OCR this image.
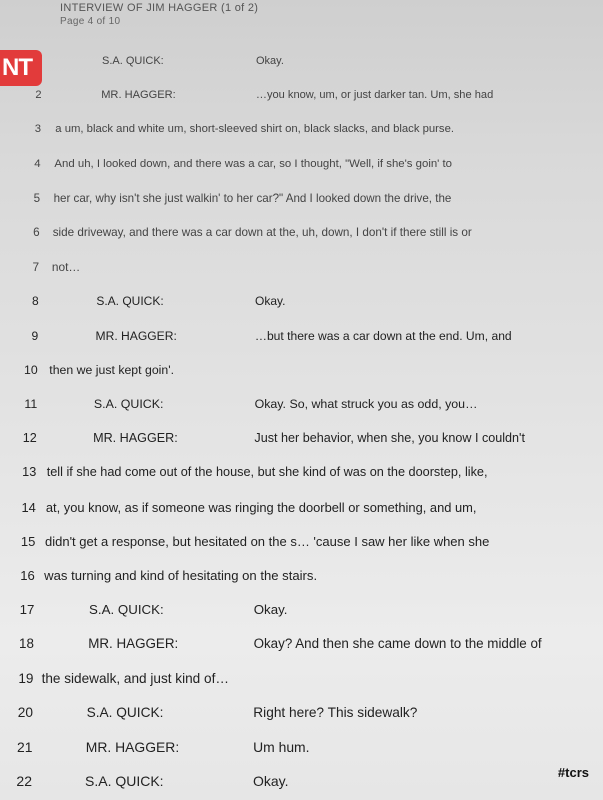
INTERVIEW OF JIM HAGGER (1 of 2)
Page 4 of 10
NT	S.A. QUICK:	Okay.
2	MR. HAGGER:	…you know, um, or just darker tan. Um, she had
3 a um, black and white um, short-sleeved shirt on, black slacks, and black purse.
4 And uh, I looked down, and there was a car, so I thought, "Well, if she's goin' to
5 her car, why isn't she just walkin' to her car?" And I looked down the drive, the
6 side driveway, and there was a car down at the, uh, down, I don't if there still is or
7 not…
8	S.A. QUICK:	Okay.
9	MR. HAGGER:	…but there was a car down at the end. Um, and
10 then we just kept goin'.
11	S.A. QUICK:	Okay. So, what struck you as odd, you…
12	MR. HAGGER:	Just her behavior, when she, you know I couldn't
13 tell if she had come out of the house, but she kind of was on the doorstep, like,
14 at, you know, as if someone was ringing the doorbell or something, and um,
15 didn't get a response, but hesitated on the s… 'cause I saw her like when she
16 was turning and kind of hesitating on the stairs.
17	S.A. QUICK:	Okay.
18	MR. HAGGER:	Okay? And then she came down to the middle of
19 the sidewalk, and just kind of…
20	S.A. QUICK:	Right here? This sidewalk?
21	MR. HAGGER:	Um hum.
22	S.A. QUICK:	Okay.
#tcrs
